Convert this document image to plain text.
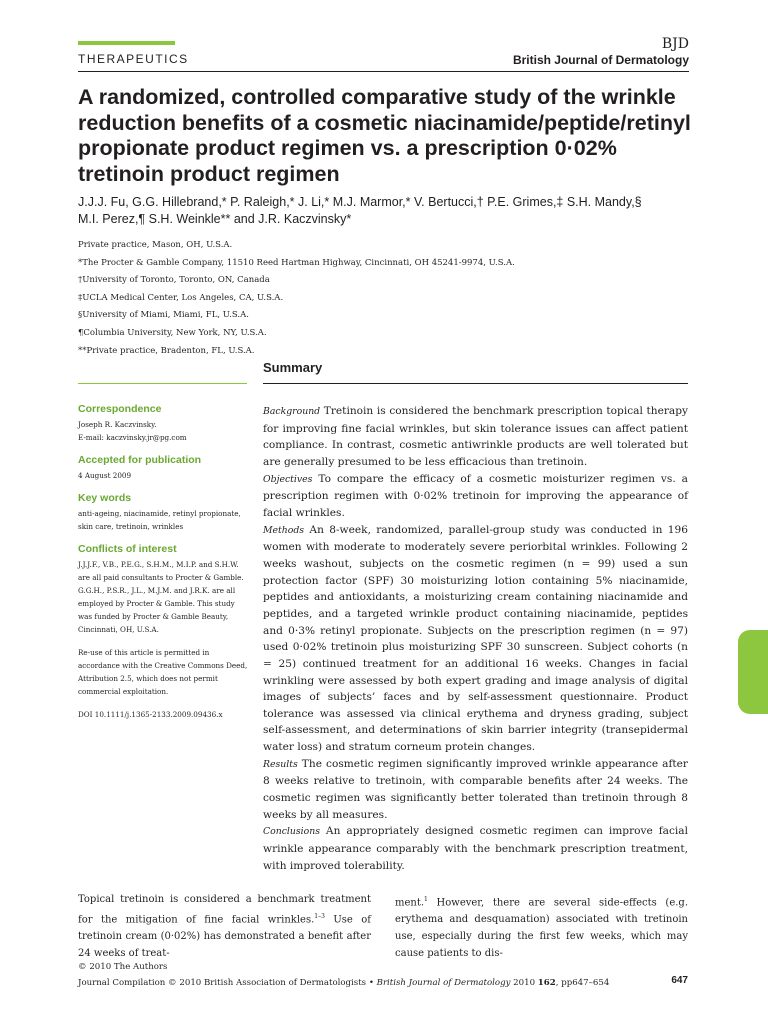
THERAPEUTICS
BJD
British Journal of Dermatology
A randomized, controlled comparative study of the wrinkle reduction benefits of a cosmetic niacinamide/peptide/retinyl propionate product regimen vs. a prescription 0·02% tretinoin product regimen
J.J.J. Fu, G.G. Hillebrand,* P. Raleigh,* J. Li,* M.J. Marmor,* V. Bertucci,† P.E. Grimes,‡ S.H. Mandy,§
M.I. Perez,¶ S.H. Weinkle** and J.R. Kaczvinsky*
Private practice, Mason, OH, U.S.A.
*The Procter & Gamble Company, 11510 Reed Hartman Highway, Cincinnati, OH 45241-9974, U.S.A.
†University of Toronto, Toronto, ON, Canada
‡UCLA Medical Center, Los Angeles, CA, U.S.A.
§University of Miami, Miami, FL, U.S.A.
¶Columbia University, New York, NY, U.S.A.
**Private practice, Bradenton, FL, U.S.A.
Summary
Correspondence

Joseph R. Kaczvinsky.
E-mail: kaczvinsky.jr@pg.com

Accepted for publication

4 August 2009

Key words

anti-ageing, niacinamide, retinyl propionate, skin care, tretinoin, wrinkles

Conflicts of interest

J.J.J.F., V.B., P.E.G., S.H.M., M.I.P. and S.H.W. are all paid consultants to Procter & Gamble. G.G.H., P.S.R., J.L., M.J.M. and J.R.K. are all employed by Procter & Gamble. This study was funded by Procter & Gamble Beauty, Cincinnati, OH, U.S.A.

Re-use of this article is permitted in accordance with the Creative Commons Deed, Attribution 2.5, which does not permit commercial exploitation.

DOI 10.1111/j.1365-2133.2009.09436.x

Background Tretinoin is considered the benchmark prescription topical therapy for improving fine facial wrinkles, but skin tolerance issues can affect patient compliance. In contrast, cosmetic antiwrinkle products are well tolerated but are generally presumed to be less efficacious than tretinoin.

Objectives To compare the efficacy of a cosmetic moisturizer regimen vs. a prescription regimen with 0·02% tretinoin for improving the appearance of facial wrinkles.

Methods An 8-week, randomized, parallel-group study was conducted in 196 women with moderate to moderately severe periorbital wrinkles. Following 2 weeks washout, subjects on the cosmetic regimen (n = 99) used a sun protection factor (SPF) 30 moisturizing lotion containing 5% niacinamide, peptides and antioxidants, a moisturizing cream containing niacinamide and peptides, and a targeted wrinkle product containing niacinamide, peptides and 0·3% retinyl propionate. Subjects on the prescription regimen (n = 97) used 0·02% tretinoin plus moisturizing SPF 30 sunscreen. Subject cohorts (n = 25) continued treatment for an additional 16 weeks. Changes in facial wrinkling were assessed by both expert grading and image analysis of digital images of subjects’ faces and by self-assessment questionnaire. Product tolerance was assessed via clinical erythema and dryness grading, subject self-assessment, and determinations of skin barrier integrity (transepidermal water loss) and stratum corneum protein changes.

Results The cosmetic regimen significantly improved wrinkle appearance after 8 weeks relative to tretinoin, with comparable benefits after 24 weeks. The cosmetic regimen was significantly better tolerated than tretinoin through 8 weeks by all measures.

Conclusions An appropriately designed cosmetic regimen can improve facial wrinkle appearance comparably with the benchmark prescription treatment, with improved tolerability.

Topical tretinoin is considered a benchmark treatment for the mitigation of fine facial wrinkles.$^{1-3}$ Use of tretinoin cream (0·02%) has demonstrated a benefit after 24 weeks of treat-

ment.$^1$ However, there are several side-effects (e.g. erythema and desquamation) associated with tretinoin use, especially during the first few weeks, which may cause patients to dis-

© 2010 The Authors
Journal Compilation © 2010 British Association of Dermatologists • British Journal of Dermatology 2010 162, pp647–654	647
